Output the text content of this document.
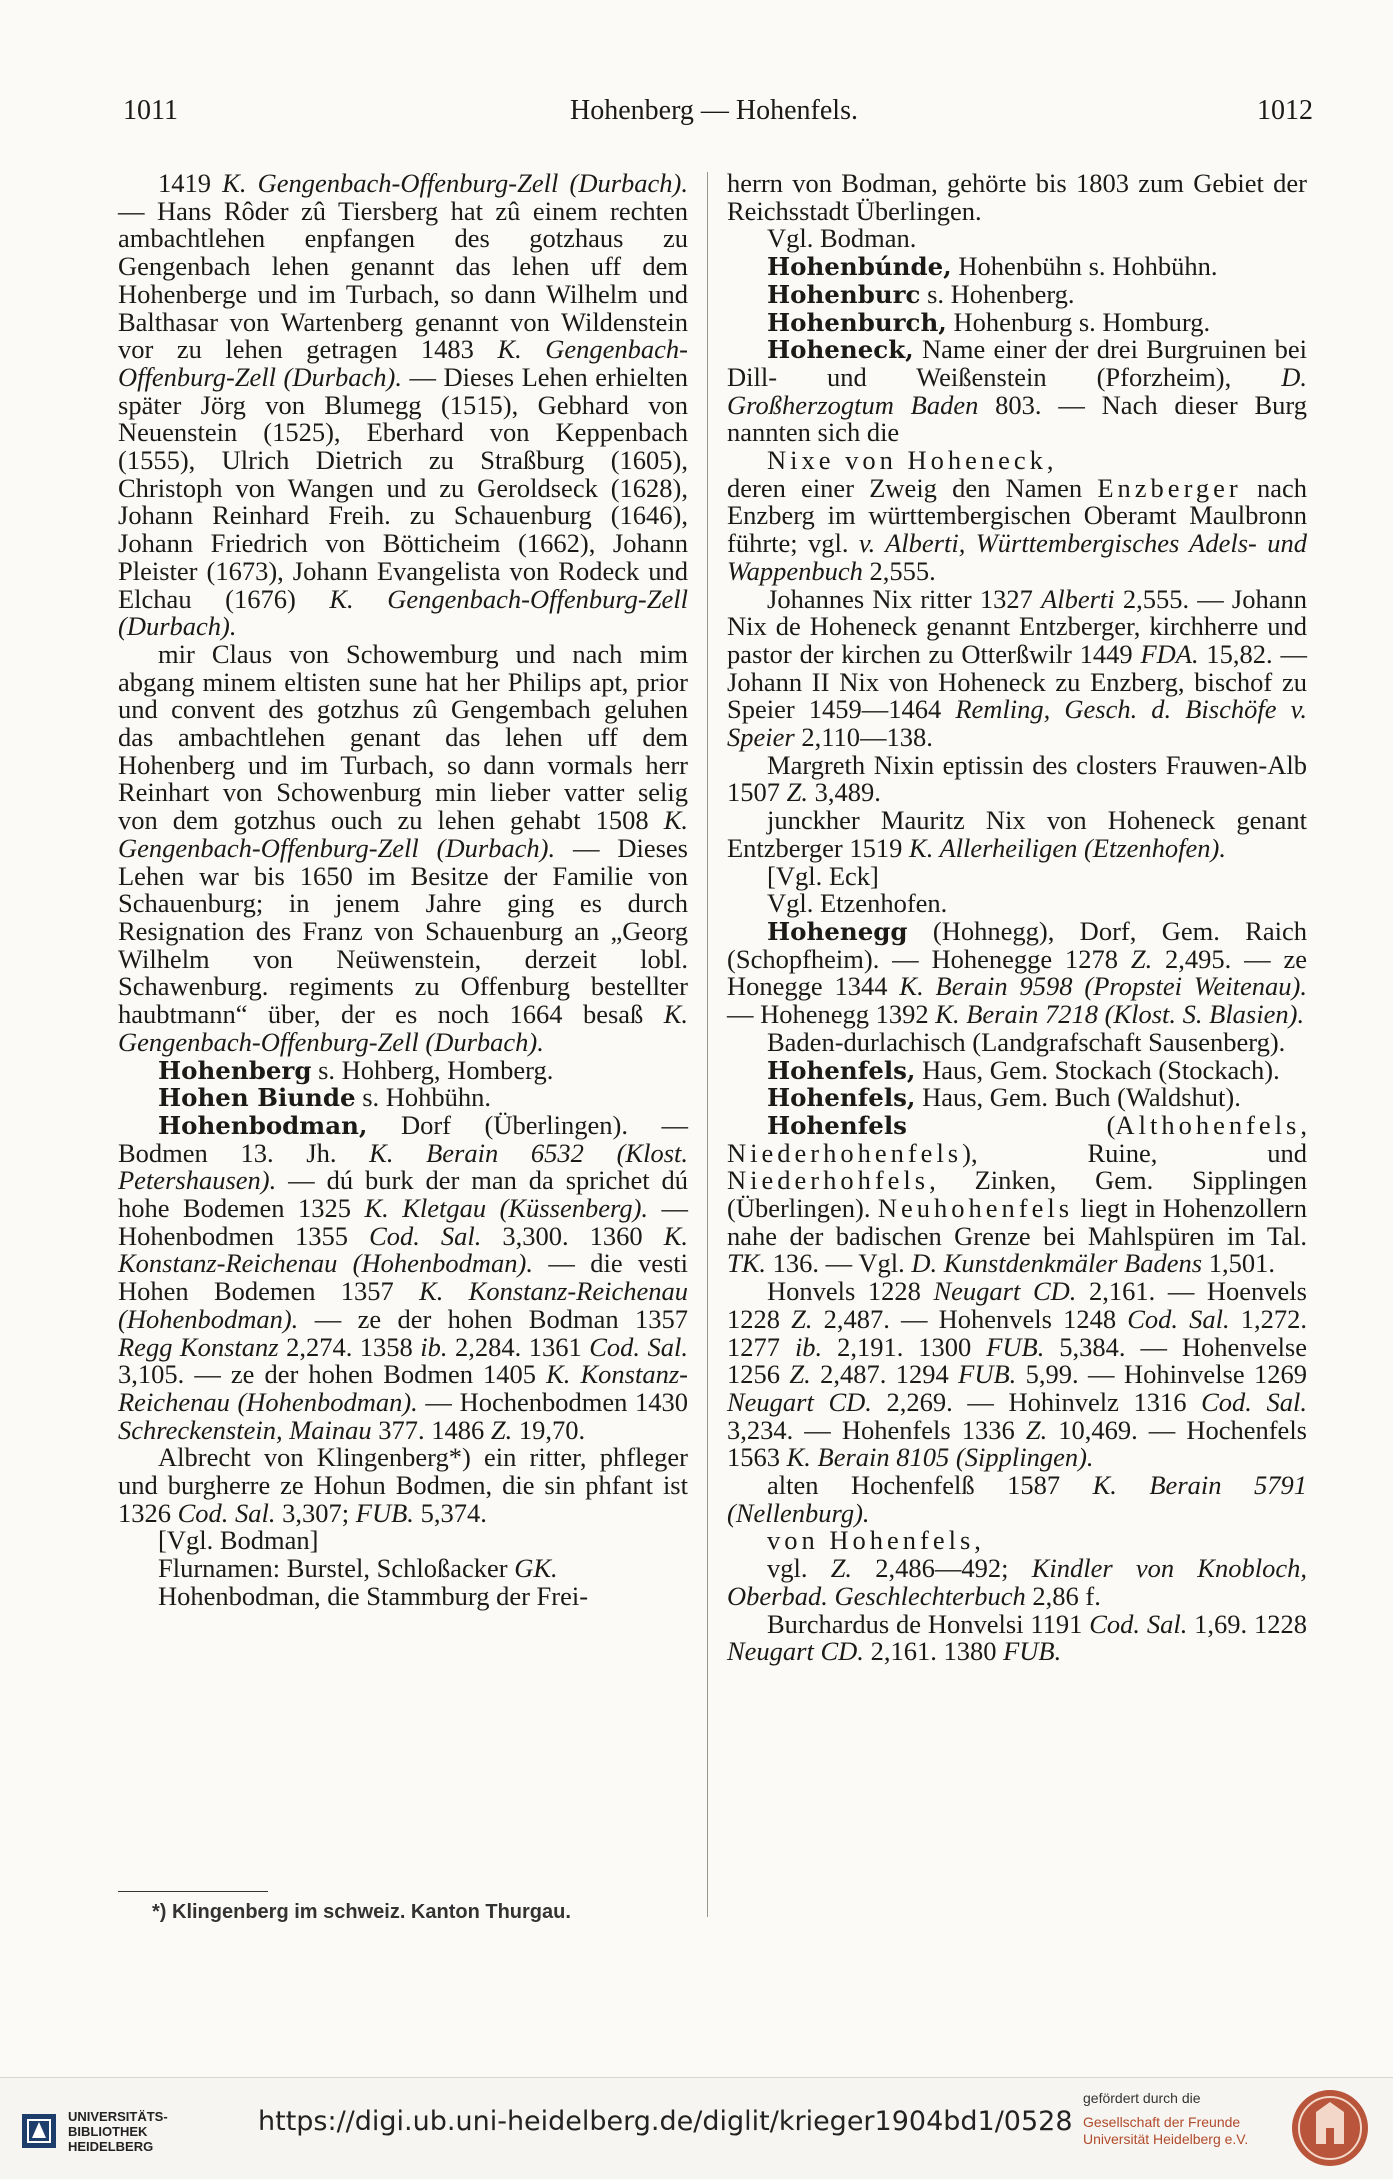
1011	Hohenberg — Hohenfels.	1012

1419 K. Gengenbach-Offenburg-Zell (Durbach). — Hans Rôder zû Tiersberg hat zû einem rechten ambachtlehen enpfangen des gotzhaus zu Gengenbach lehen genannt das lehen uff dem Hohenberge und im Turbach, so dann Wilhelm und Balthasar von Wartenberg genannt von Wildenstein vor zu lehen getragen 1483 K. Gengenbach-Offenburg-Zell (Durbach). — Dieses Lehen erhielten später Jörg von Blumegg (1515), Gebhard von Neuenstein (1525), Eberhard von Keppenbach (1555), Ulrich Dietrich zu Straßburg (1605), Christoph von Wangen und zu Geroldseck (1628), Johann Reinhard Freih. zu Schauenburg (1646), Johann Friedrich von Bötticheim (1662), Johann Pleister (1673), Johann Evangelista von Rodeck und Elchau (1676) K. Gengenbach-Offenburg-Zell (Durbach).

mir Claus von Schowemburg und nach mim abgang minem eltisten sune hat her Philips apt, prior und convent des gotzhus zû Gengembach geluhen das ambachtlehen genant das lehen uff dem Hohenberg und im Turbach, so dann vormals herr Reinhart von Schowenburg min lieber vatter selig von dem gotzhus ouch zu lehen gehabt 1508 K. Gengenbach-Offenburg-Zell (Durbach). — Dieses Lehen war bis 1650 im Besitze der Familie von Schauenburg; in jenem Jahre ging es durch Resignation des Franz von Schauenburg an „Georg Wilhelm von Neüwenstein, derzeit lobl. Schawenburg. regiments zu Offenburg bestellter haubtmann“ über, der es noch 1664 besaß K. Gengenbach-Offenburg-Zell (Durbach).

Hohenberg s. Hohberg, Homberg.

Hohen Biunde s. Hohbühn.

Hohenbodman, Dorf (Überlingen). — Bodmen 13. Jh. K. Berain 6532 (Klost. Petershausen). — dú burk der man da sprichet dú hohe Bodemen 1325 K. Kletgau (Küssenberg). — Hohenbodmen 1355 Cod. Sal. 3,300. 1360 K. Konstanz-Reichenau (Hohenbodman). — die vesti Hohen Bodemen 1357 K. Konstanz-Reichenau (Hohenbodman). — ze der hohen Bodman 1357 Regg Konstanz 2,274. 1358 ib. 2,284. 1361 Cod. Sal. 3,105. — ze der hohen Bodmen 1405 K. Konstanz-Reichenau (Hohenbodman). — Hochenbodmen 1430 Schreckenstein, Mainau 377. 1486 Z. 19,70.

Albrecht von Klingenberg*) ein ritter, phfleger und burgherre ze Hohun Bodmen, die sin phfant ist 1326 Cod. Sal. 3,307; FUB. 5,374.

[Vgl. Bodman]

Flurnamen: Burstel, Schloßacker GK.

Hohenbodman, die Stammburg der Frei-

herrn von Bodman, gehörte bis 1803 zum Gebiet der Reichsstadt Überlingen.

Vgl. Bodman.

Hohenbúnde, Hohenbühn s. Hohbühn.

Hohenburc s. Hohenberg.

Hohenburch, Hohenburg s. Homburg.

Hoheneck, Name einer der drei Burgruinen bei Dill- und Weißenstein (Pforzheim), D. Großherzogtum Baden 803. — Nach dieser Burg nannten sich die

Nixe von Hoheneck,

deren einer Zweig den Namen Enzberger nach Enzberg im württembergischen Oberamt Maulbronn führte; vgl. v. Alberti, Württembergisches Adels- und Wappenbuch 2,555.

Johannes Nix ritter 1327 Alberti 2,555. — Johann Nix de Hoheneck genannt Entzberger, kirchherre und pastor der kirchen zu Otterßwilr 1449 FDA. 15,82. — Johann II Nix von Hoheneck zu Enzberg, bischof zu Speier 1459—1464 Remling, Gesch. d. Bischöfe v. Speier 2,110—138.

Margreth Nixin eptissin des closters Frauwen-Alb 1507 Z. 3,489.

junckher Mauritz Nix von Hoheneck genant Entzberger 1519 K. Allerheiligen (Etzenhofen).

[Vgl. Eck]

Vgl. Etzenhofen.

Hohenegg (Hohnegg), Dorf, Gem. Raich (Schopfheim). — Hohenegge 1278 Z. 2,495. — ze Honegge 1344 K. Berain 9598 (Propstei Weitenau). — Hohenegg 1392 K. Berain 7218 (Klost. S. Blasien).

Baden-durlachisch (Landgrafschaft Sausenberg).

Hohenfels, Haus, Gem. Stockach (Stockach).

Hohenfels, Haus, Gem. Buch (Waldshut).

Hohenfels (Althohenfels, Niederhohenfels), Ruine, und Niederhohfels, Zinken, Gem. Sipplingen (Überlingen). Neuhohenfels liegt in Hohenzollern nahe der badischen Grenze bei Mahlspüren im Tal. TK. 136. — Vgl. D. Kunstdenkmäler Badens 1,501.

Honvels 1228 Neugart CD. 2,161. — Hoenvels 1228 Z. 2,487. — Hohenvels 1248 Cod. Sal. 1,272. 1277 ib. 2,191. 1300 FUB. 5,384. — Hohenvelse 1256 Z. 2,487. 1294 FUB. 5,99. — Hohinvelse 1269 Neugart CD. 2,269. — Hohinvelz 1316 Cod. Sal. 3,234. — Hohenfels 1336 Z. 10,469. — Hochenfels 1563 K. Berain 8105 (Sipplingen).

alten Hochenfelß 1587 K. Berain 5791 (Nellenburg).

von Hohenfels,

vgl. Z. 2,486—492; Kindler von Knobloch, Oberbad. Geschlechterbuch 2,86 f.

Burchardus de Honvelsi 1191 Cod. Sal. 1,69. 1228 Neugart CD. 2,161. 1380 FUB.

*) Klingenberg im schweiz. Kanton Thurgau.
UNIVERSITÄTS-
BIBLIOTHEK
HEIDELBERG
https://digi.ub.uni-heidelberg.de/diglit/krieger1904bd1/0528
gefördert durch die
Gesellschaft der Freunde
Universität Heidelberg e.V.
